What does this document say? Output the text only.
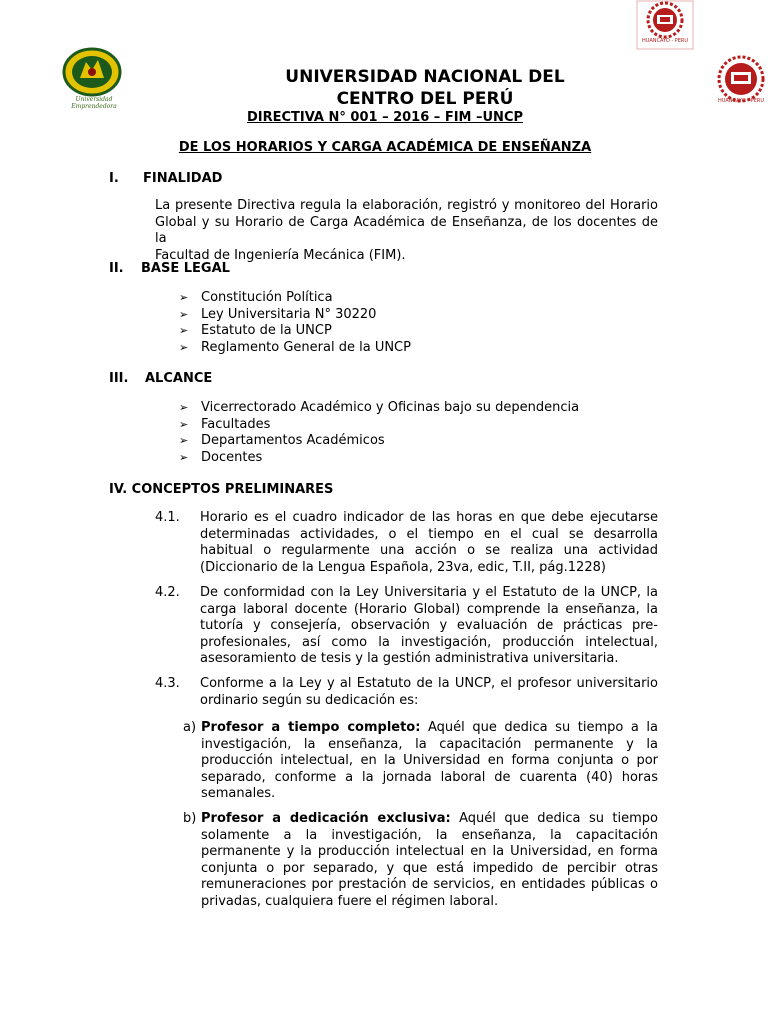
Universidad Emprendedora
HUANCAYO - PERU
HUANCAYO - PERU
UNIVERSIDAD NACIONAL DEL
CENTRO DEL PERÚ
DIRECTIVA N° 001 – 2016 – FIM –UNCP
DE LOS HORARIOS Y CARGA ACADÉMICA DE ENSEÑANZA
I. FINALIDAD
La presente Directiva regula la elaboración, registró y monitoreo del Horario
Global y su Horario de Carga Académica de Enseñanza, de los docentes de la
Facultad de Ingeniería Mecánica (FIM).
II. BASE LEGAL
➢ Constitución Política
➢ Ley Universitaria N° 30220
➢ Estatuto de la UNCP
➢ Reglamento General de la UNCP
III. ALCANCE
➢ Vicerrectorado Académico y Oficinas bajo su dependencia
➢ Facultades
➢ Departamentos Académicos
➢ Docentes
IV. CONCEPTOS PRELIMINARES
4.1. Horario es el cuadro indicador de las horas en que debe ejecutarse
determinadas actividades, o el tiempo en el cual se desarrolla
habitual o regularmente una acción o se realiza una actividad
(Diccionario de la Lengua Española, 23va, edic, T.II, pág.1228)
4.2. De conformidad con la Ley Universitaria y el Estatuto de la UNCP, la
carga laboral docente (Horario Global) comprende la enseñanza, la
tutoría y consejería, observación y evaluación de prácticas pre-
profesionales, así como la investigación, producción intelectual,
asesoramiento de tesis y la gestión administrativa universitaria.
4.3. Conforme a la Ley y al Estatuto de la UNCP, el profesor universitario
ordinario según su dedicación es:
a) Profesor a tiempo completo: Aquél que dedica su tiempo a la
investigación, la enseñanza, la capacitación permanente y la
producción intelectual, en la Universidad en forma conjunta o por
separado, conforme a la jornada laboral de cuarenta (40) horas
semanales.
b) Profesor a dedicación exclusiva: Aquél que dedica su tiempo
solamente a la investigación, la enseñanza, la capacitación
permanente y la producción intelectual en la Universidad, en forma
conjunta o por separado, y que está impedido de percibir otras
remuneraciones por prestación de servicios, en entidades públicas o
privadas, cualquiera fuere el régimen laboral.
